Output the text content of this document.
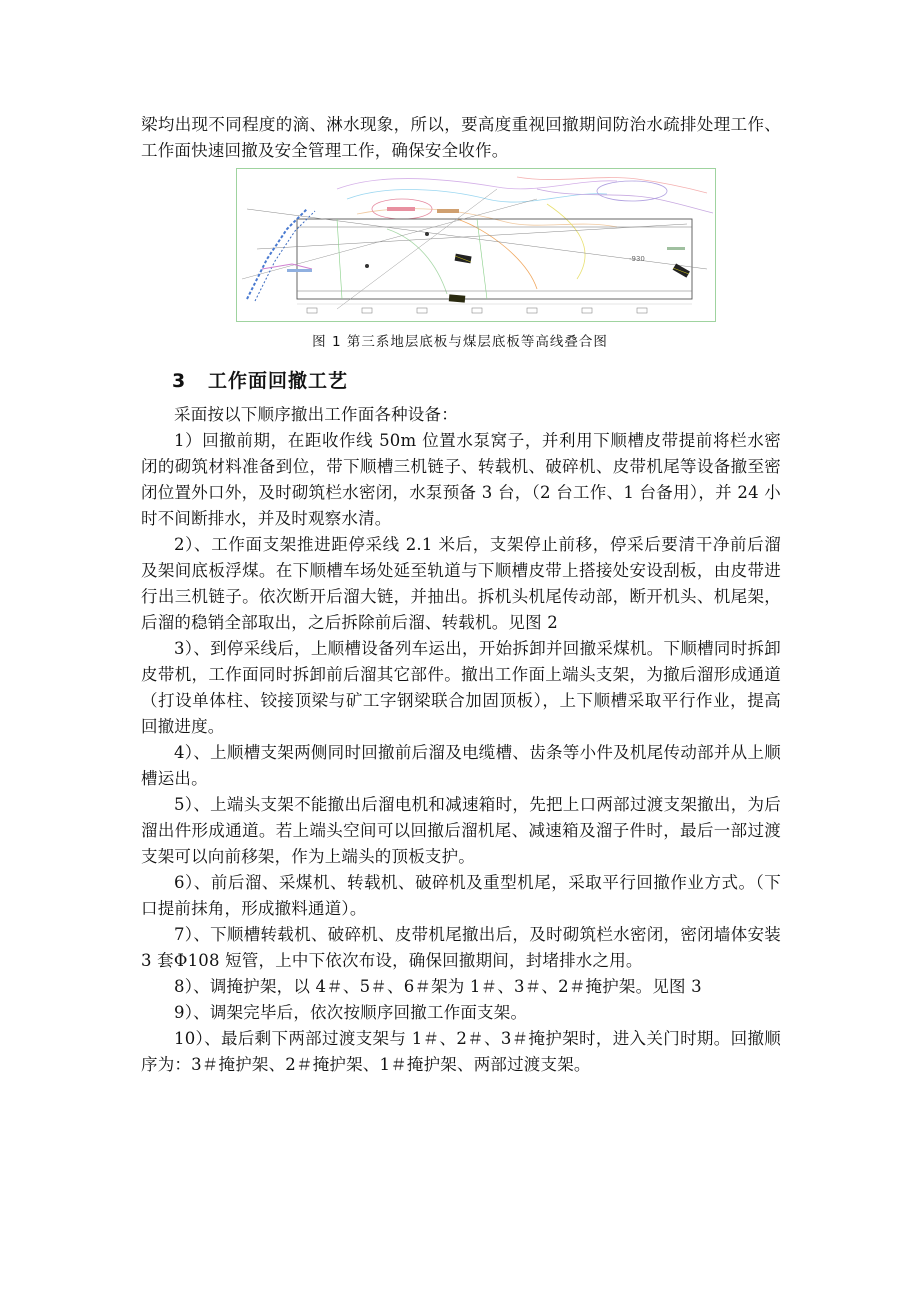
梁均出现不同程度的滴、淋水现象，所以，要高度重视回撤期间防治水疏排处理工作、工作面快速回撤及安全管理工作，确保安全收作。
-930
图 1 第三系地层底板与煤层底板等高线叠合图
3 工作面回撤工艺

采面按以下顺序撤出工作面各种设备：

1）回撤前期，在距收作线 50m 位置水泵窝子，并利用下顺槽皮带提前将栏水密闭的砌筑材料准备到位，带下顺槽三机链子、转载机、破碎机、皮带机尾等设备撤至密闭位置外口外，及时砌筑栏水密闭，水泵预备 3 台，（2 台工作、1 台备用），并 24 小时不间断排水，并及时观察水清。

2）、工作面支架推进距停采线 2.1 米后，支架停止前移，停采后要清干净前后溜及架间底板浮煤。在下顺槽车场处延至轨道与下顺槽皮带上搭接处安设刮板，由皮带进行出三机链子。依次断开后溜大链，并抽出。拆机头机尾传动部，断开机头、机尾架，后溜的稳销全部取出，之后拆除前后溜、转载机。见图 2

3）、到停采线后，上顺槽设备列车运出，开始拆卸并回撤采煤机。下顺槽同时拆卸皮带机，工作面同时拆卸前后溜其它部件。撤出工作面上端头支架，为撤后溜形成通道（打设单体柱、铰接顶梁与矿工字钢梁联合加固顶板），上下顺槽采取平行作业，提高回撤进度。

4）、上顺槽支架两侧同时回撤前后溜及电缆槽、齿条等小件及机尾传动部并从上顺槽运出。

5）、上端头支架不能撤出后溜电机和减速箱时，先把上口两部过渡支架撤出，为后溜出件形成通道。若上端头空间可以回撤后溜机尾、减速箱及溜子件时，最后一部过渡支架可以向前移架，作为上端头的顶板支护。

6）、前后溜、采煤机、转载机、破碎机及重型机尾，采取平行回撤作业方式。（下口提前抹角，形成撤料通道）。

7）、下顺槽转载机、破碎机、皮带机尾撤出后，及时砌筑栏水密闭，密闭墙体安装 3 套Φ108 短管，上中下依次布设，确保回撤期间，封堵排水之用。

8）、调掩护架，以 4＃、5＃、6＃架为 1＃、3＃、2＃掩护架。见图 3

9）、调架完毕后，依次按顺序回撤工作面支架。

10）、最后剩下两部过渡支架与 1＃、2＃、3＃掩护架时，进入关门时期。回撤顺序为：3＃掩护架、2＃掩护架、1＃掩护架、两部过渡支架。
